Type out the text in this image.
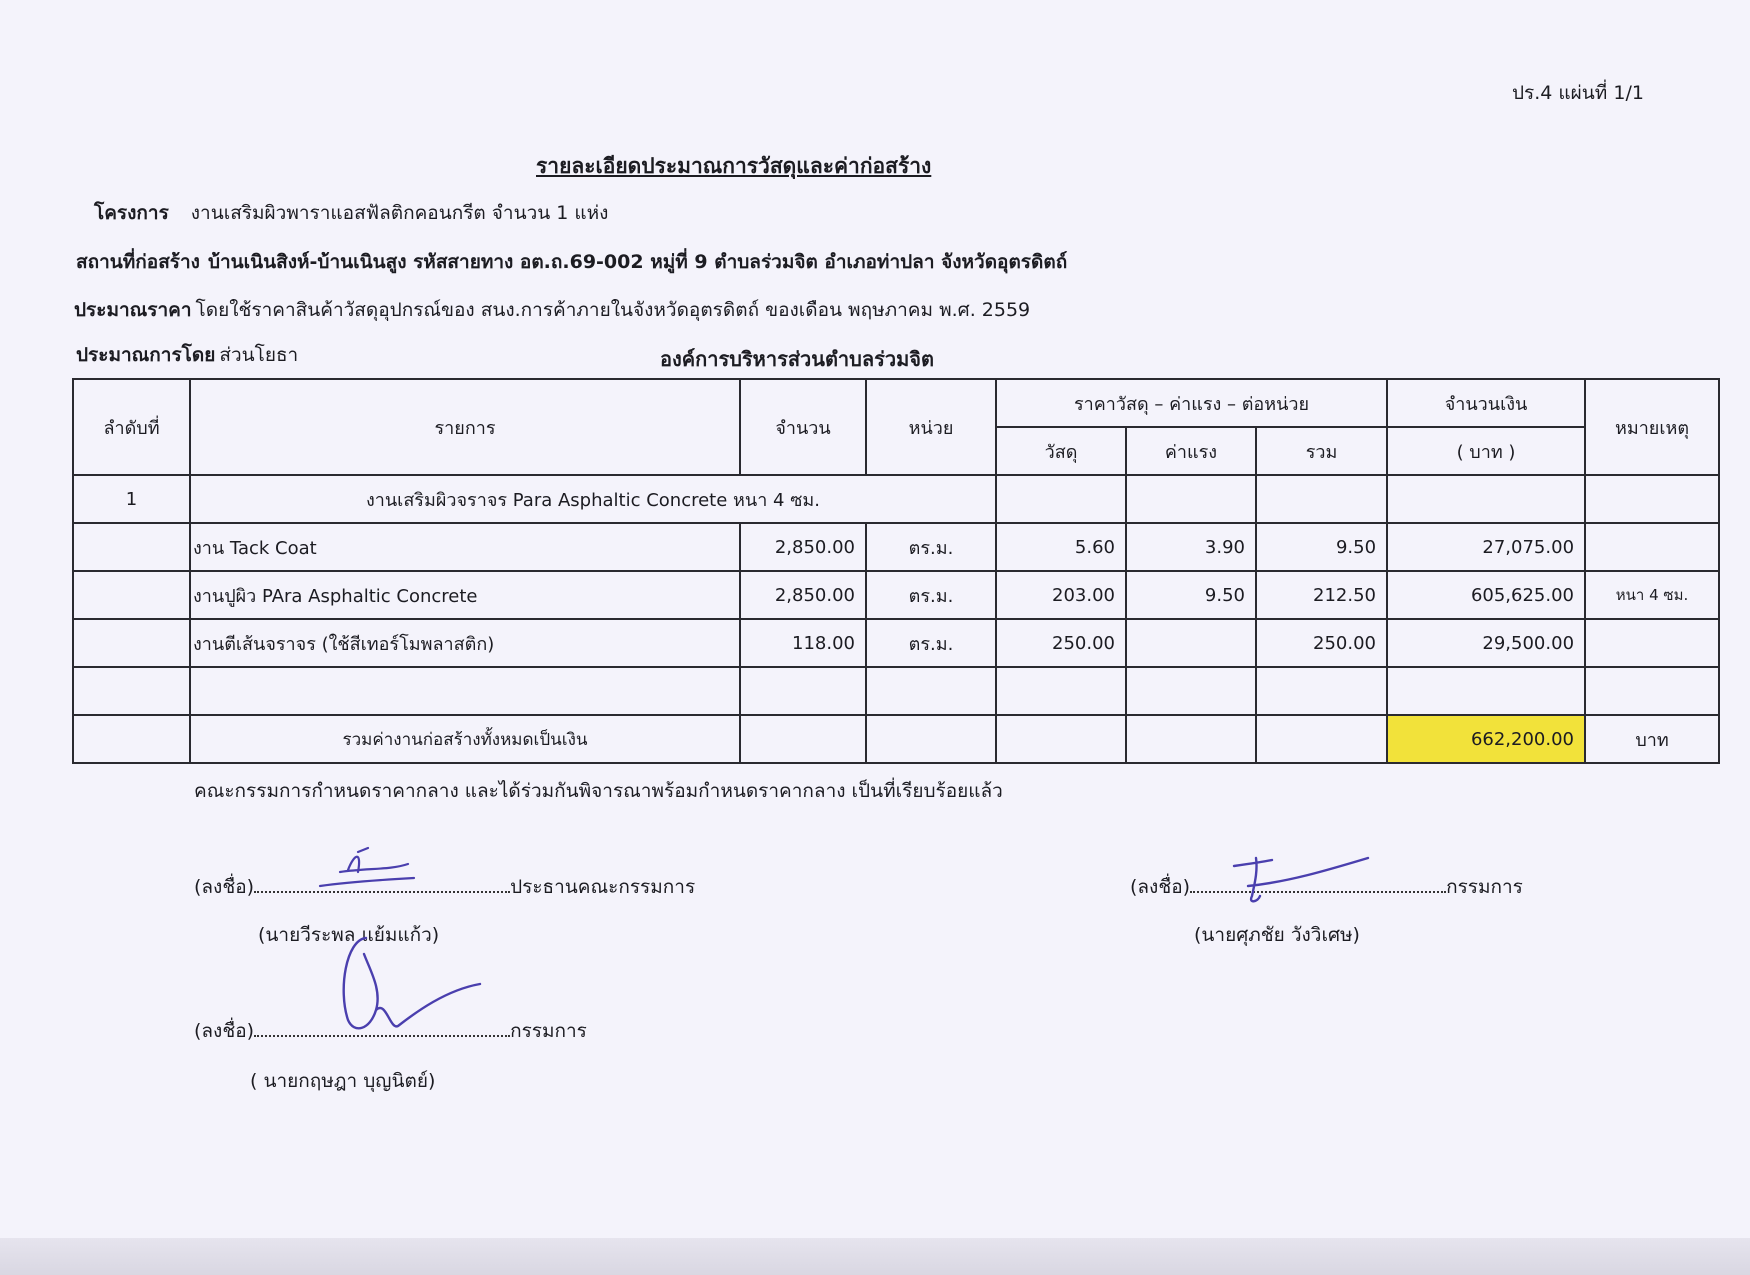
ปร.4 แผ่นที่ 1/1
รายละเอียดประมาณการวัสดุและค่าก่อสร้าง
โครงการ งานเสริมผิวพาราแอสฟัลติกคอนกรีต จำนวน 1 แห่ง
สถานที่ก่อสร้าง บ้านเนินสิงห์-บ้านเนินสูง รหัสสายทาง อต.ถ.69-002 หมู่ที่ 9 ตำบลร่วมจิต อำเภอท่าปลา จังหวัดอุตรดิตถ์
ประมาณราคา โดยใช้ราคาสินค้าวัสดุอุปกรณ์ของ สนง.การค้าภายในจังหวัดอุตรดิตถ์ ของเดือน พฤษภาคม พ.ศ. 2559
ประมาณการโดย ส่วนโยธา	องค์การบริหารส่วนตำบลร่วมจิต
ลำดับที่	รายการ	จำนวน	หน่วย	ราคาวัสดุ – ค่าแรง – ต่อหน่วย			จำนวนเงิน	หมายเหตุ
				วัสดุ	ค่าแรง	รวม	( บาท )	
1	งานเสริมผิวจราจร Para Asphaltic Concrete หนา 4 ซม.							
	งาน Tack Coat	2,850.00	ตร.ม.	5.60	3.90	9.50	27,075.00	
	งานปูผิว PAra Asphaltic Concrete	2,850.00	ตร.ม.	203.00	9.50	212.50	605,625.00	หนา 4 ซม.
	งานตีเส้นจราจร (ใช้สีเทอร์โมพลาสติก)	118.00	ตร.ม.	250.00		250.00	29,500.00	

	รวมค่างานก่อสร้างทั้งหมดเป็นเงิน						662,200.00	บาท
คณะกรรมการกำหนดราคากลาง และได้ร่วมกันพิจารณาพร้อมกำหนดราคากลาง เป็นที่เรียบร้อยแล้ว
(ลงชื่อ)	ประธานคณะกรรมการ
(นายวีระพล แย้มแก้ว)
(ลงชื่อ)	กรรมการ
(นายศุภชัย วังวิเศษ)
(ลงชื่อ)	กรรมการ
( นายกฤษฎา บุญนิตย์)
